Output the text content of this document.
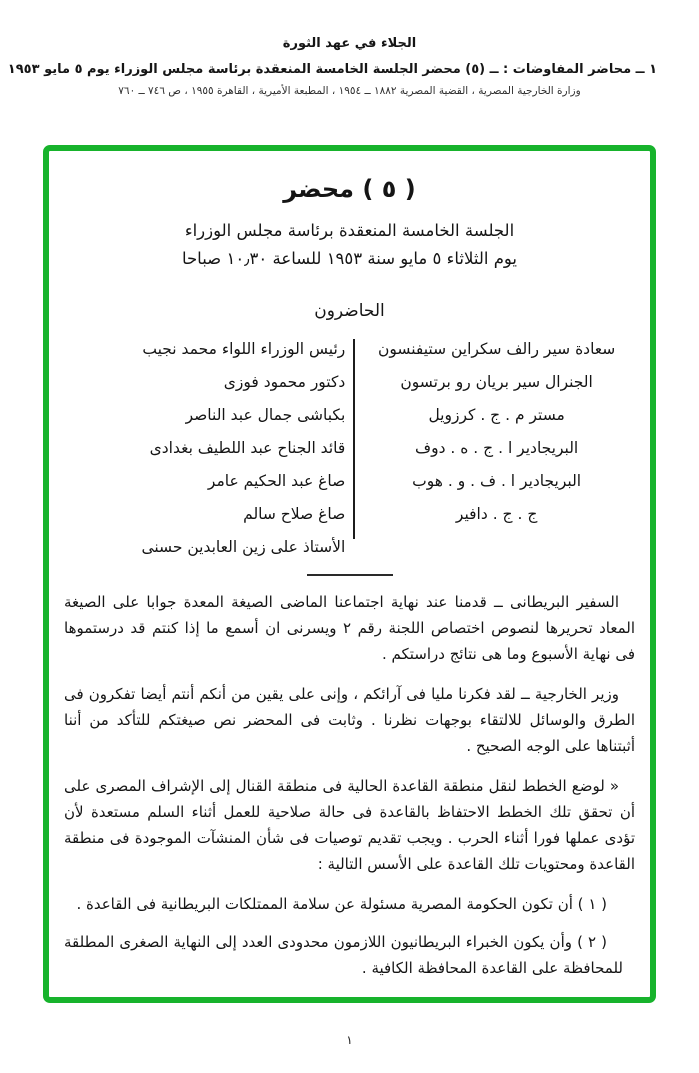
الجلاء في عهد الثورة
١ ــ محاضر المفاوضات : ــ (٥) محضر الجلسة الخامسة المنعقدة برئاسة مجلس الوزراء يوم ٥ مايو ١٩٥٣
وزارة الخارجية المصرية ، القضية المصرية ١٨٨٢ ــ ١٩٥٤ ، المطبعة الأميرية ، القاهرة ١٩٥٥ ، ص ٧٤٦ ــ ٧٦٠
( ٥ ) محضر
الجلسة الخامسة المنعقدة برئاسة مجلس الوزراء
يوم الثلاثاء ٥ مايو سنة ١٩٥٣ للساعة ١٠٫٣٠ صباحا
الحاضرون
سعادة سير رالف سكراين ستيفنسون
الجنرال سير بريان رو برتسون
مستر م . ج . كرزويل
البريجادير ا . ج . ه . دوف
البريجادير ا . ف . و . هوب
ج . ج . دافير
رئيس الوزراء اللواء محمد نجيب
دكتور محمود فوزى
بكباشى جمال عبد الناصر
قائد الجناح عبد اللطيف بغدادى
صاغ عبد الحكيم عامر
صاغ صلاح سالم
الأستاذ على زين العابدين حسنى

السفير البريطانى ــ قدمنا عند نهاية اجتماعنا الماضى الصيغة المعدة جوابا على الصيغة المعاد تحريرها لنصوص اختصاص اللجنة رقم ٢ ويسرنى ان أسمع ما إذا كنتم قد درستموها فى نهاية الأسبوع وما هى نتائج دراستكم .

وزير الخارجية ــ لقد فكرنا مليا فى آرائكم ، وإنى على يقين من أنكم أنتم أيضا تفكرون فى الطرق والوسائل للالتقاء بوجهات نظرنا . وثابت فى المحضر نص صيغتكم للتأكد من أننا أثبتناها على الوجه الصحيح .

« لوضع الخطط لنقل منطقة القاعدة الحالية فى منطقة القنال إلى الإشراف المصرى على أن تحقق تلك الخطط الاحتفاظ بالقاعدة فى حالة صلاحية للعمل أثناء السلم مستعدة لأن تؤدى عملها فورا أثناء الحرب . ويجب تقديم توصيات فى شأن المنشآت الموجودة فى منطقة القاعدة ومحتويات تلك القاعدة على الأسس التالية :

( ١ ) أن تكون الحكومة المصرية مسئولة عن سلامة الممتلكات البريطانية فى القاعدة .

( ٢ ) وأن يكون الخبراء البريطانيون اللازمون محدودى العدد إلى النهاية الصغرى المطلقة للمحافظة على القاعدة المحافظة الكافية .

١
